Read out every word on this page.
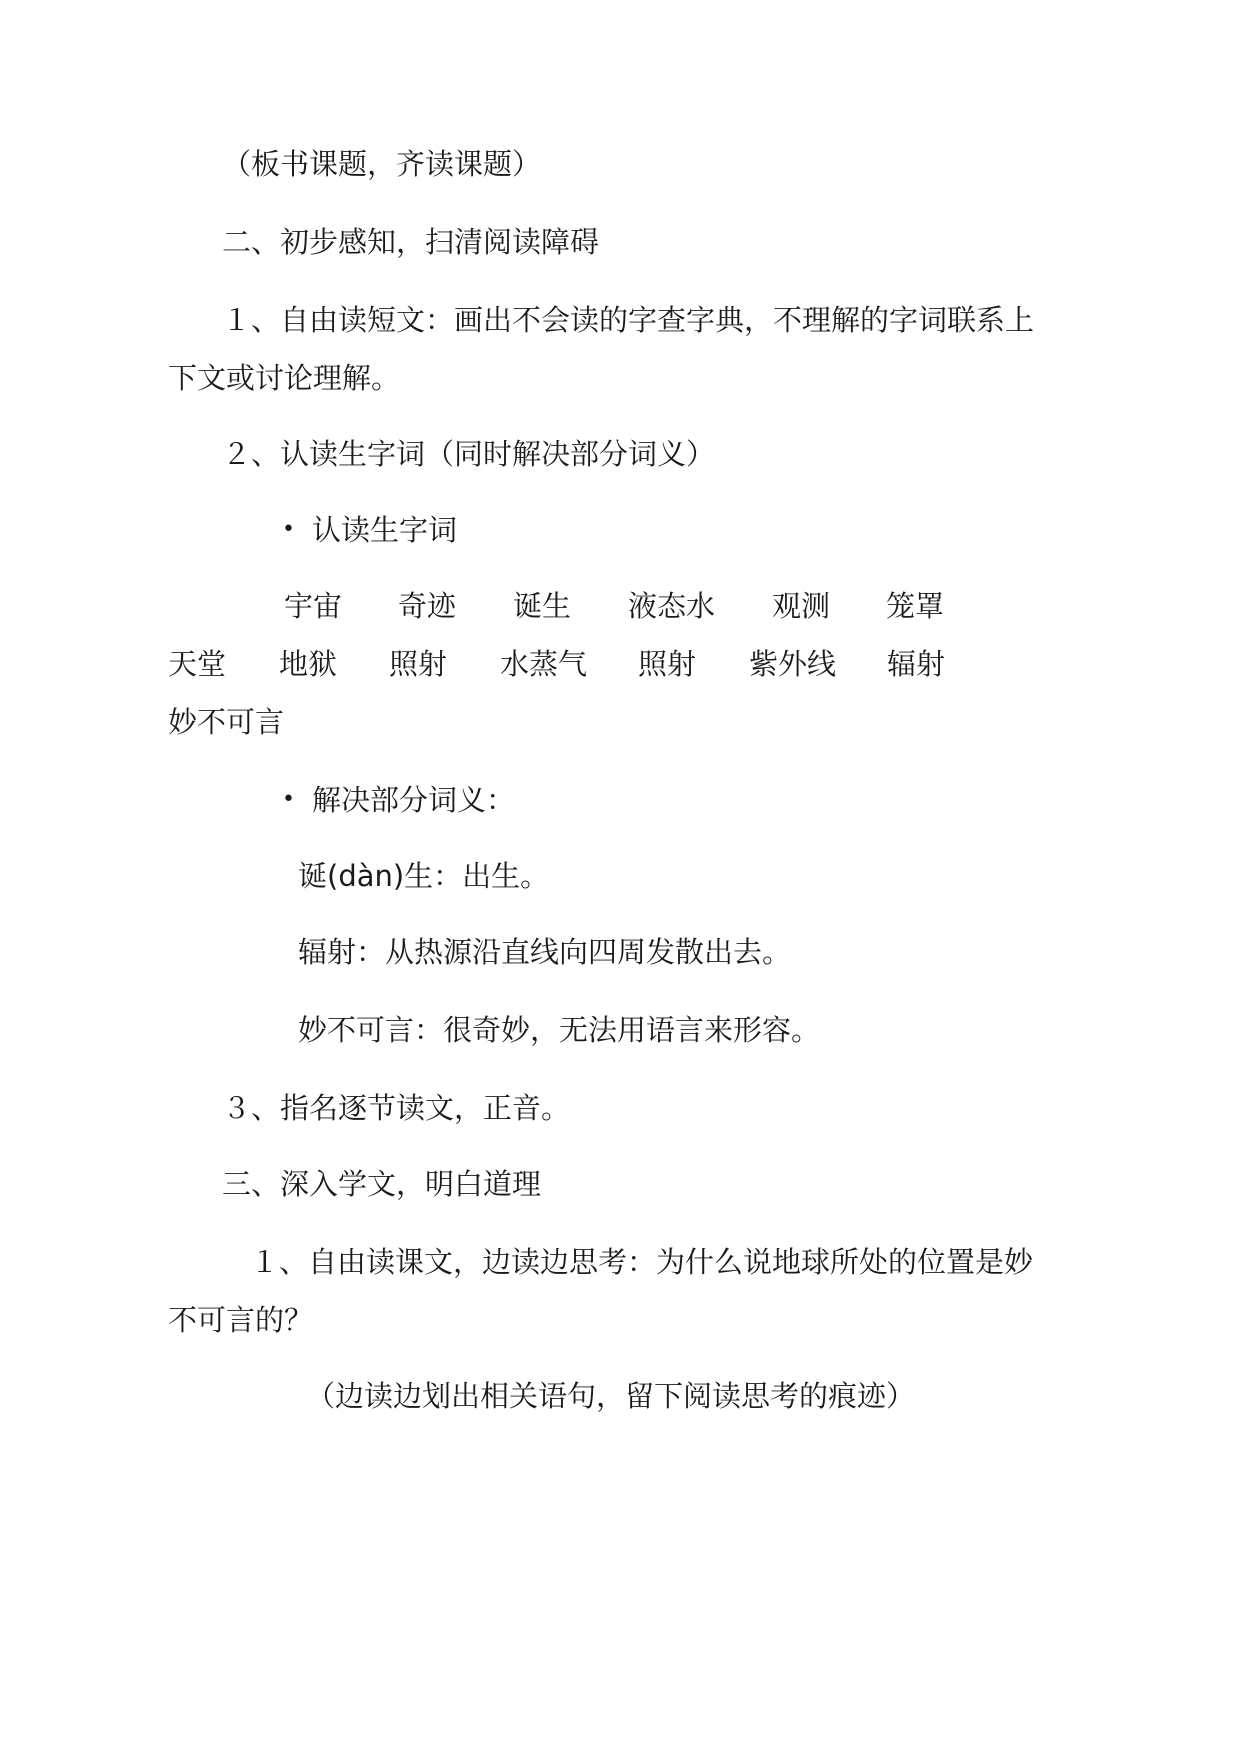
（板书课题，齐读课题）
二、初步感知，扫清阅读障碍
１、自由读短文：画出不会读的字查字典，不理解的字词联系上
下文或讨论理解。
２、认读生字词（同时解决部分词义）
• 认读生字词
宇宙 奇迹 诞生 液态水 观测 笼罩
天堂 地狱 照射 水蒸气 照射 紫外线 辐射
妙不可言
• 解决部分词义：
诞(dàn)生：出生。
辐射：从热源沿直线向四周发散出去。
妙不可言：很奇妙，无法用语言来形容。
３、指名逐节读文，正音。
三、深入学文，明白道理
１、自由读课文，边读边思考：为什么说地球所处的位置是妙
不可言的？
（边读边划出相关语句，留下阅读思考的痕迹）
